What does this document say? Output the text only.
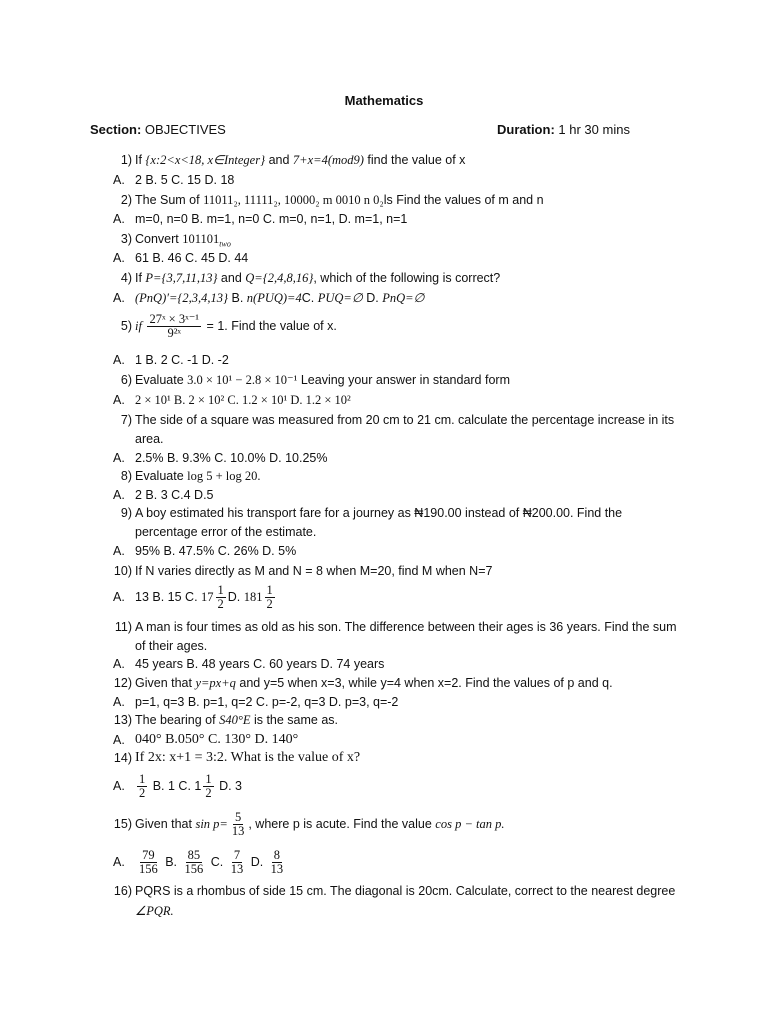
Mathematics
Section: OBJECTIVES	Duration: 1 hr 30 mins
1) If {x:2<x<18, x∈Integer} and 7+x=4(mod9) find the value of x
A. 2 B. 5 C. 15 D. 18
2) The Sum of 11011₂, 11111₂, 10000₂ m 0010 n 0₂ls Find the values of m and n
A. m=0, n=0 B. m=1, n=0 C. m=0, n=1, D. m=1, n=1
3) Convert $101101_{two}$
A. 61 B. 46 C. 45 D. 44
4) If P={3,7,11,13} and Q={2,4,8,16}, which of the following is correct?
A. (PnQ)′={2,3,4,13} B. n(PUQ)=4C. PUQ=∅ D. PnQ=∅
5) if $\frac{\text{27ˣ × 3ˣ⁻¹}}{\text{9²ˣ}} = 1$. Find the value of x.
A. 1 B. 2 C. -1 D. -2
6) Evaluate 3.0 × 10¹ − 2.8 × 10⁻¹ Leaving your answer in standard form
A. 2 × 10¹ B. 2 × 10² C. 1.2 × 10¹ D. 1.2 × 10²
7) The side of a square was measured from 20 cm to 21 cm. calculate the percentage increase in its
area.
A. 2.5% B. 9.3% C. 10.0% D. 10.25%
8) Evaluate log 5 + log 20.
A. 2 B. 3 C.4 D.5
9) A boy estimated his transport fare for a journey as ₦190.00 instead of ₦200.00. Find the
percentage error of the estimate.
A. 95% B. 47.5% C. 26% D. 5%
10) If N varies directly as M and N = 8 when M=20, find M when N=7
A. 13 B. 15 C. $17 \frac{1}{2} D$. $181 \frac{1}{2}$
11) A man is four times as old as his son. The difference between their ages is 36 years. Find the sum
of their ages.
A. 45 years B. 48 years C. 60 years D. 74 years
12) Given that y=px+q and y=5 when x=3, while y=4 when x=2. Find the values of p and q.
A. p=1, q=3 B. p=1, q=2 C. p=-2, q=3 D. p=3, q=-2
13) The bearing of S40°E is the same as.
A. 040° B.050° C. 130° D. 140°
14) If 2x: x+1 = 3:2. What is the value of x?
A. $\frac{1}{2} B$. 1 C. $1 \frac{1}{2} D$. 3
15) Given that $\sin p= \frac{5}{13}$ , where p is acute. Find the value cos p − tan p.
A. $\frac{79}{156} B$. $\frac{85}{156} C$. $\frac{7}{13} D$. $\frac{8}{13}$
16) PQRS is a rhombus of side 15 cm. The diagonal is 20cm. Calculate, correct to the nearest degree
∠PQR.
